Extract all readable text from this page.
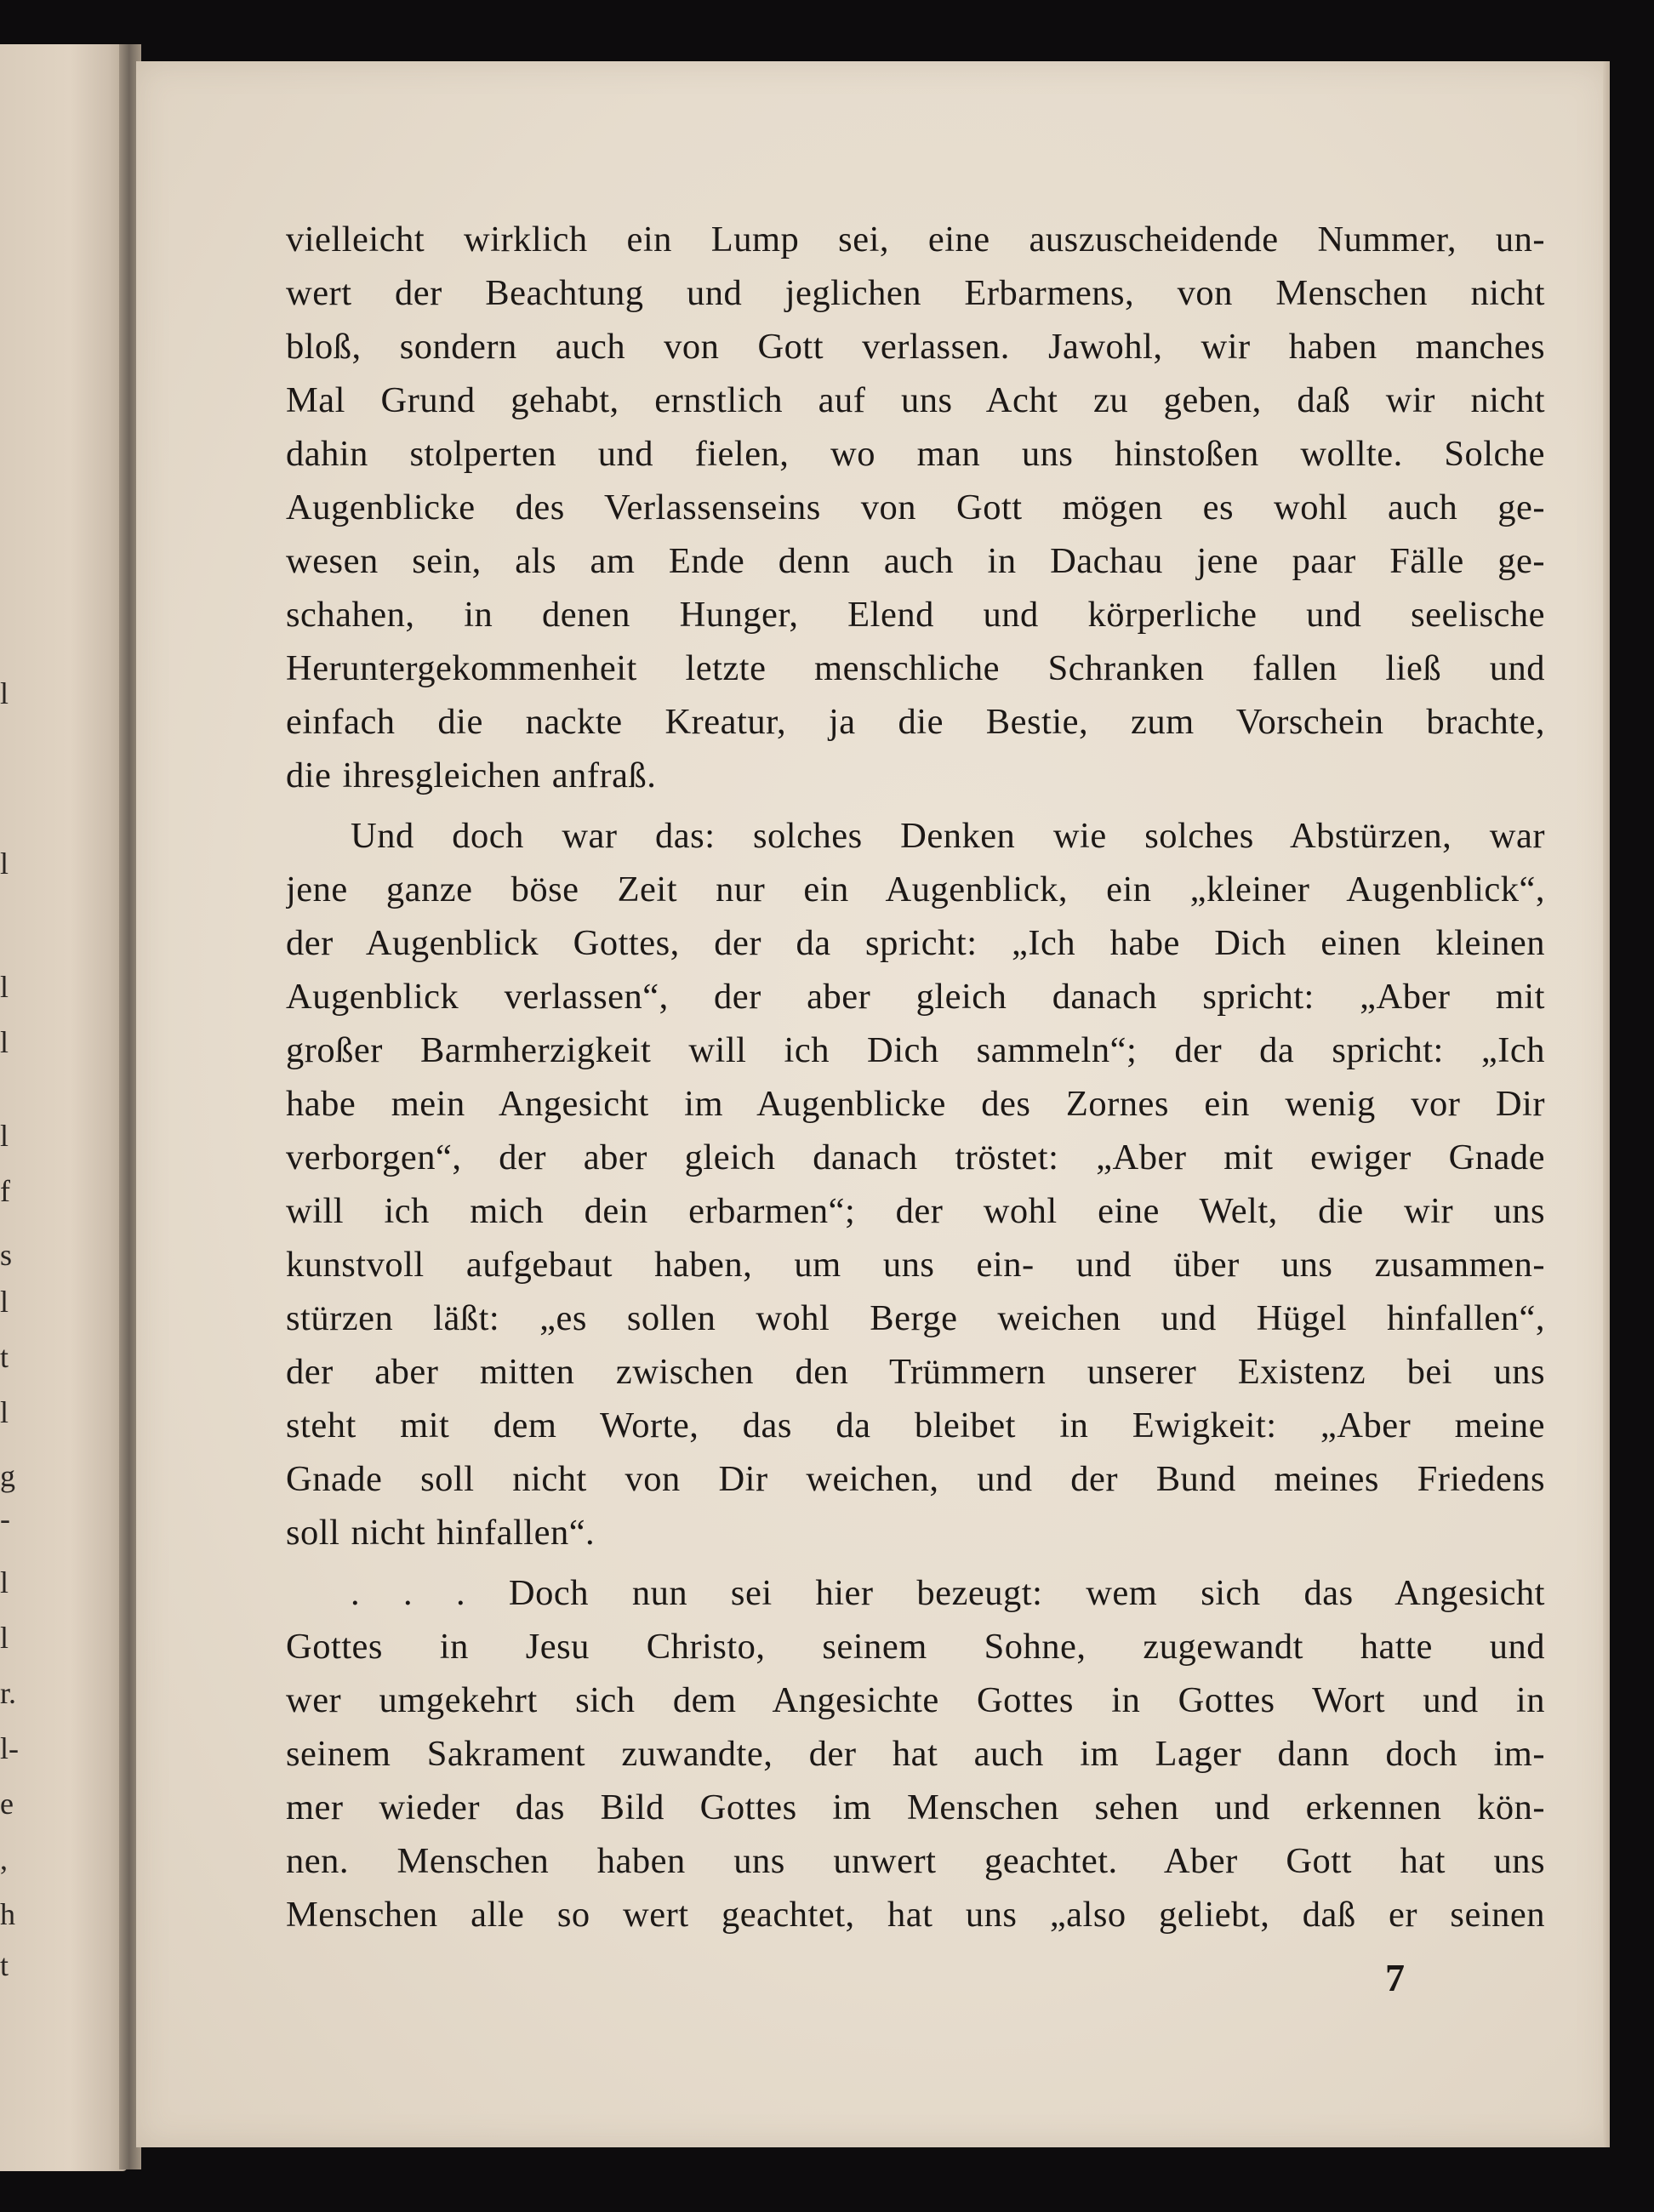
l
l
l
l
l
f
s
l
t
l
g
-
l
l
r.
l-
e
,
h
t
vielleicht wirklich ein Lump sei, eine auszuscheidende Nummer, un-
wert der Beachtung und jeglichen Erbarmens, von Menschen nicht
bloß, sondern auch von Gott verlassen. Jawohl, wir haben manches
Mal Grund gehabt, ernstlich auf uns Acht zu geben, daß wir nicht
dahin stolperten und fielen, wo man uns hinstoßen wollte. Solche
Augenblicke des Verlassenseins von Gott mögen es wohl auch ge-
wesen sein, als am Ende denn auch in Dachau jene paar Fälle ge-
schahen, in denen Hunger, Elend und körperliche und seelische
Heruntergekommenheit letzte menschliche Schranken fallen ließ und
einfach die nackte Kreatur, ja die Bestie, zum Vorschein brachte,
die ihresgleichen anfraß.
Und doch war das: solches Denken wie solches Abstürzen, war
jene ganze böse Zeit nur ein Augenblick, ein „kleiner Augenblick“,
der Augenblick Gottes, der da spricht: „Ich habe Dich einen kleinen
Augenblick verlassen“, der aber gleich danach spricht: „Aber mit
großer Barmherzigkeit will ich Dich sammeln“; der da spricht: „Ich
habe mein Angesicht im Augenblicke des Zornes ein wenig vor Dir
verborgen“, der aber gleich danach tröstet: „Aber mit ewiger Gnade
will ich mich dein erbarmen“; der wohl eine Welt, die wir uns
kunstvoll aufgebaut haben, um uns ein- und über uns zusammen-
stürzen läßt: „es sollen wohl Berge weichen und Hügel hinfallen“,
der aber mitten zwischen den Trümmern unserer Existenz bei uns
steht mit dem Worte, das da bleibet in Ewigkeit: „Aber meine
Gnade soll nicht von Dir weichen, und der Bund meines Friedens
soll nicht hinfallen“.
. . . Doch nun sei hier bezeugt: wem sich das Angesicht
Gottes in Jesu Christo, seinem Sohne, zugewandt hatte und
wer umgekehrt sich dem Angesichte Gottes in Gottes Wort und in
seinem Sakrament zuwandte, der hat auch im Lager dann doch im-
mer wieder das Bild Gottes im Menschen sehen und erkennen kön-
nen. Menschen haben uns unwert geachtet. Aber Gott hat uns
Menschen alle so wert geachtet, hat uns „also geliebt, daß er seinen
7
